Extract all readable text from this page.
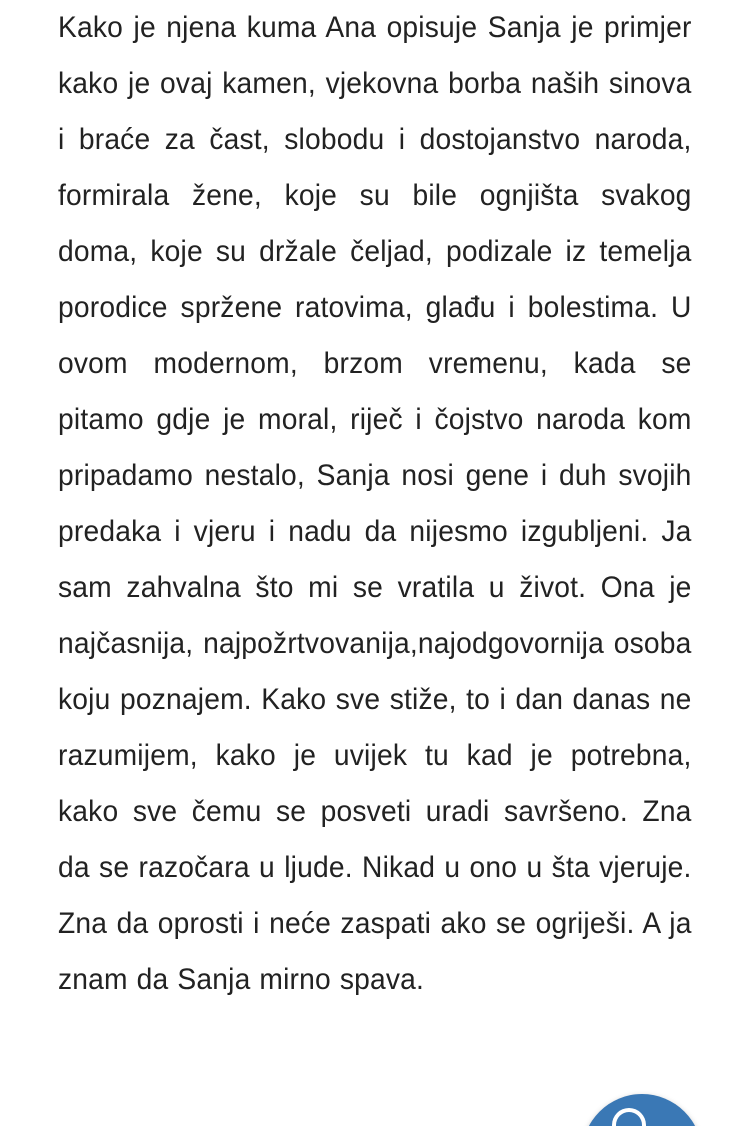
Kako je njena kuma Ana opisuje Sanja je primjer kako je ovaj kamen, vjekovna borba naših sinova i braće za čast, slobodu i dostojanstvo naroda, formirala žene, koje su bile ognjišta svakog doma, koje su držale čeljad, podizale iz temelja porodice spržene ratovima, glađu i bolestima. U ovom modernom, brzom vremenu, kada se pitamo gdje je moral, riječ i čojstvo naroda kom pripadamo nestalo, Sanja nosi gene i duh svojih predaka i vjeru i nadu da nijesmo izgubljeni. Ja sam zahvalna što mi se vratila u život. Ona je najčasnija, najpožrtvovanija,najodgovornija osoba koju poznajem. Kako sve stiže, to i dan danas ne razumijem, kako je uvijek tu kad je potrebna, kako sve čemu se posveti uradi savršeno. Zna da se razočara u ljude. Nikad u ono u šta vjeruje. Zna da oprosti i neće zaspati ako se ogriješi. A ja znam da Sanja mirno spava.
